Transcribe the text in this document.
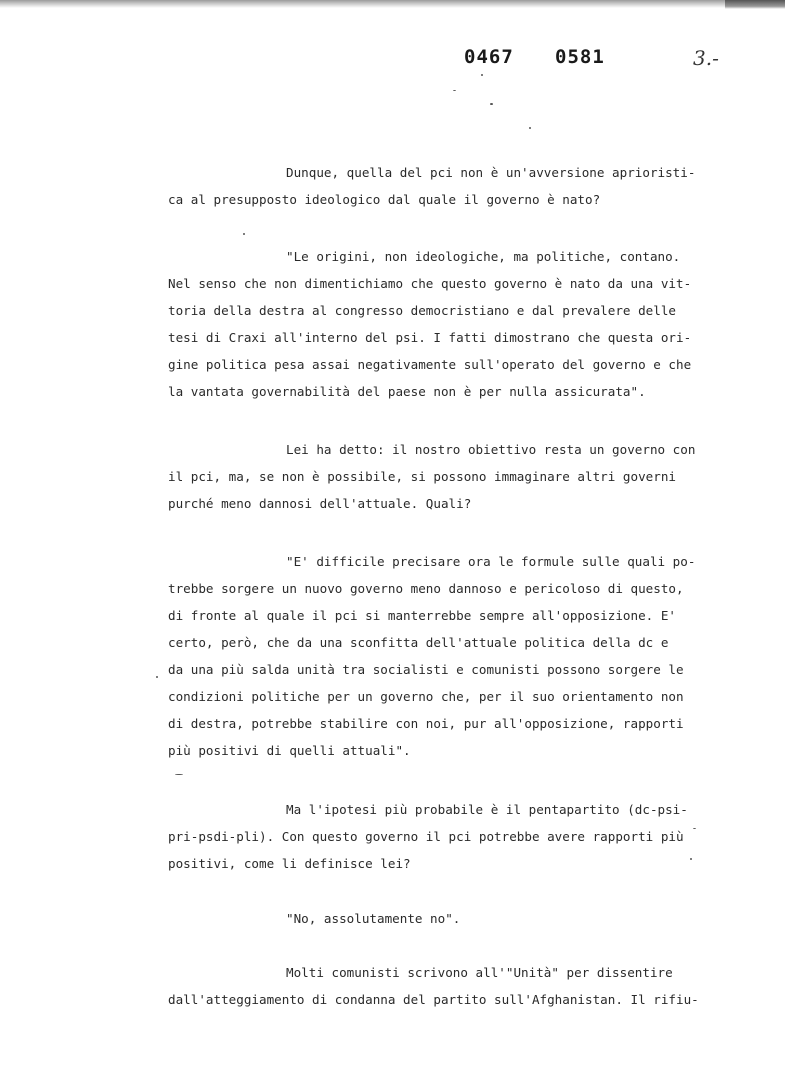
0467 0581	3.-
Dunque, quella del pci non è un'avversione aprioristi-
ca al presupposto ideologico dal quale il governo è nato?
"Le origini, non ideologiche, ma politiche, contano.
Nel senso che non dimentichiamo che questo governo è nato da una vit-
toria della destra al congresso democristiano e dal prevalere delle
tesi di Craxi all'interno del psi. I fatti dimostrano che questa ori-
gine politica pesa assai negativamente sull'operato del governo e che
la vantata governabilità del paese non è per nulla assicurata".
Lei ha detto: il nostro obiettivo resta un governo con
il pci, ma, se non è possibile, si possono immaginare altri governi
purché meno dannosi dell'attuale. Quali?
"E' difficile precisare ora le formule sulle quali po-
trebbe sorgere un nuovo governo meno dannoso e pericoloso di questo,
di fronte al quale il pci si manterrebbe sempre all'opposizione. E'
certo, però, che da una sconfitta dell'attuale politica della dc e
da una più salda unità tra socialisti e comunisti possono sorgere le
condizioni politiche per un governo che, per il suo orientamento non
di destra, potrebbe stabilire con noi, pur all'opposizione, rapporti
più positivi di quelli attuali".
Ma l'ipotesi più probabile è il pentapartito (dc-psi-
pri-psdi-pli). Con questo governo il pci potrebbe avere rapporti più
positivi, come li definisce lei?
"No, assolutamente no".
Molti comunisti scrivono all'"Unità" per dissentire
dall'atteggiamento di condanna del partito sull'Afghanistan. Il rifiu-
